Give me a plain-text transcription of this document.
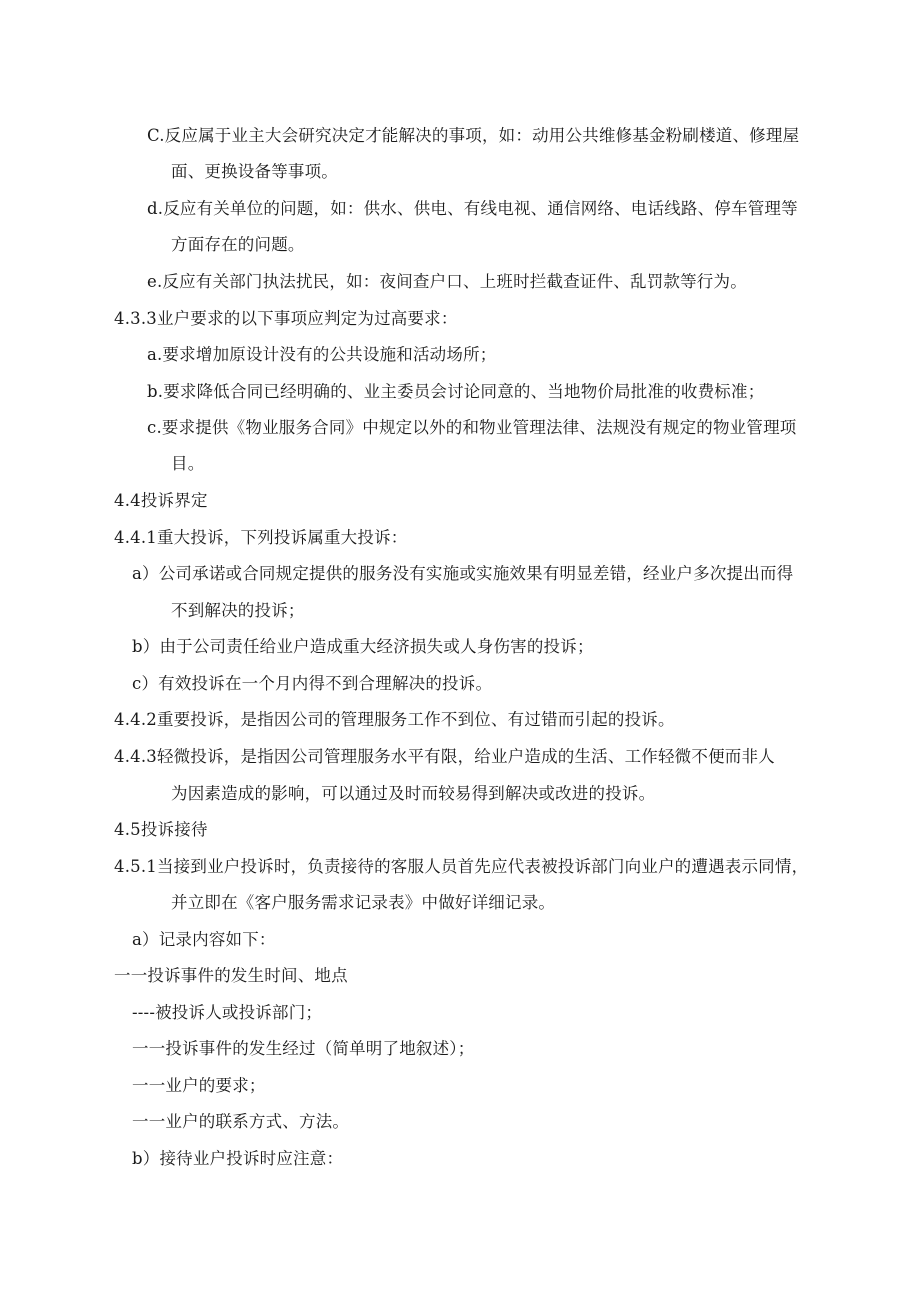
C.反应属于业主大会研究决定才能解决的事项，如：动用公共维修基金粉刷楼道、修理屋
面、更换设备等事项。
d.反应有关单位的问题，如：供水、供电、有线电视、通信网络、电话线路、停车管理等
方面存在的问题。
e.反应有关部门执法扰民，如：夜间查户口、上班时拦截查证件、乱罚款等行为。
4.3.3业户要求的以下事项应判定为过高要求：
a.要求增加原设计没有的公共设施和活动场所；
b.要求降低合同已经明确的、业主委员会讨论同意的、当地物价局批准的收费标准；
c.要求提供《物业服务合同》中规定以外的和物业管理法律、法规没有规定的物业管理项
目。
4.4投诉界定
4.4.1重大投诉，下列投诉属重大投诉：
a）公司承诺或合同规定提供的服务没有实施或实施效果有明显差错，经业户多次提出而得
不到解决的投诉；
b）由于公司责任给业户造成重大经济损失或人身伤害的投诉；
c）有效投诉在一个月内得不到合理解决的投诉。
4.4.2重要投诉，是指因公司的管理服务工作不到位、有过错而引起的投诉。
4.4.3轻微投诉，是指因公司管理服务水平有限，给业户造成的生活、工作轻微不便而非人
为因素造成的影响，可以通过及时而较易得到解决或改进的投诉。
4.5投诉接待
4.5.1当接到业户投诉时，负责接待的客服人员首先应代表被投诉部门向业户的遭遇表示同情，
并立即在《客户服务需求记录表》中做好详细记录。
a）记录内容如下：
一一投诉事件的发生时间、地点
----被投诉人或投诉部门；
一一投诉事件的发生经过（简单明了地叙述）；
一一业户的要求；
一一业户的联系方式、方法。
b）接待业户投诉时应注意：
